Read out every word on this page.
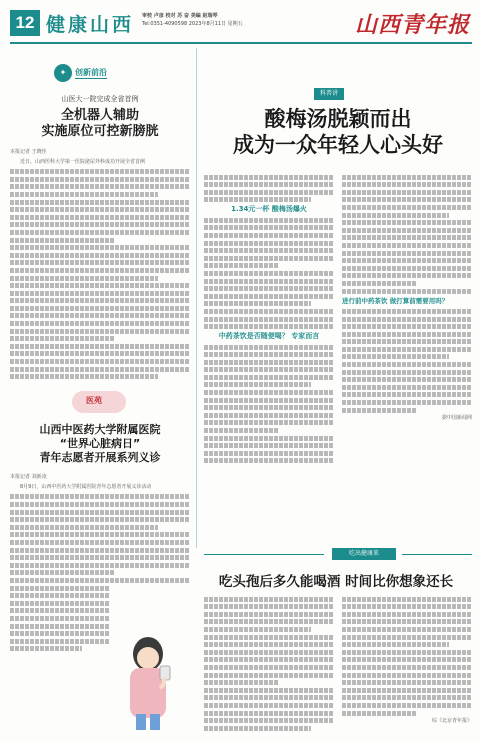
12 健康山西 审校 卢彦 校对 苏 奋 美编 赵瑞琴
Tel:0351-4090598 2023年8月11日 星期五	山西青年报
✦	创新前沿
山医大一院完成全省首例
全机器人辅助
实施原位可控新膀胱
本报记者 王晓佳
近日，山西医科大学第一医院泌尿外科成功开展全省首例
医苑
山西中医药大学附属医院
“世界心脏病日”
青年志愿者开展系列义诊
本报记者 刘新凌
8月9日，山西中医药大学附属医院青年志愿者开展义诊活动
科普讲
酸梅汤脱颖而出
成为一众年轻人心头好
1.34元一杯 酸梅汤爆火
中药茶饮是否随便喝？ 专家而言
进行前中药茶饮 做打算前需要用吗？
据中国新闻网
吃出健康来
吃头孢后多久能喝酒 时间比你想象还长
综《北京青年报》
